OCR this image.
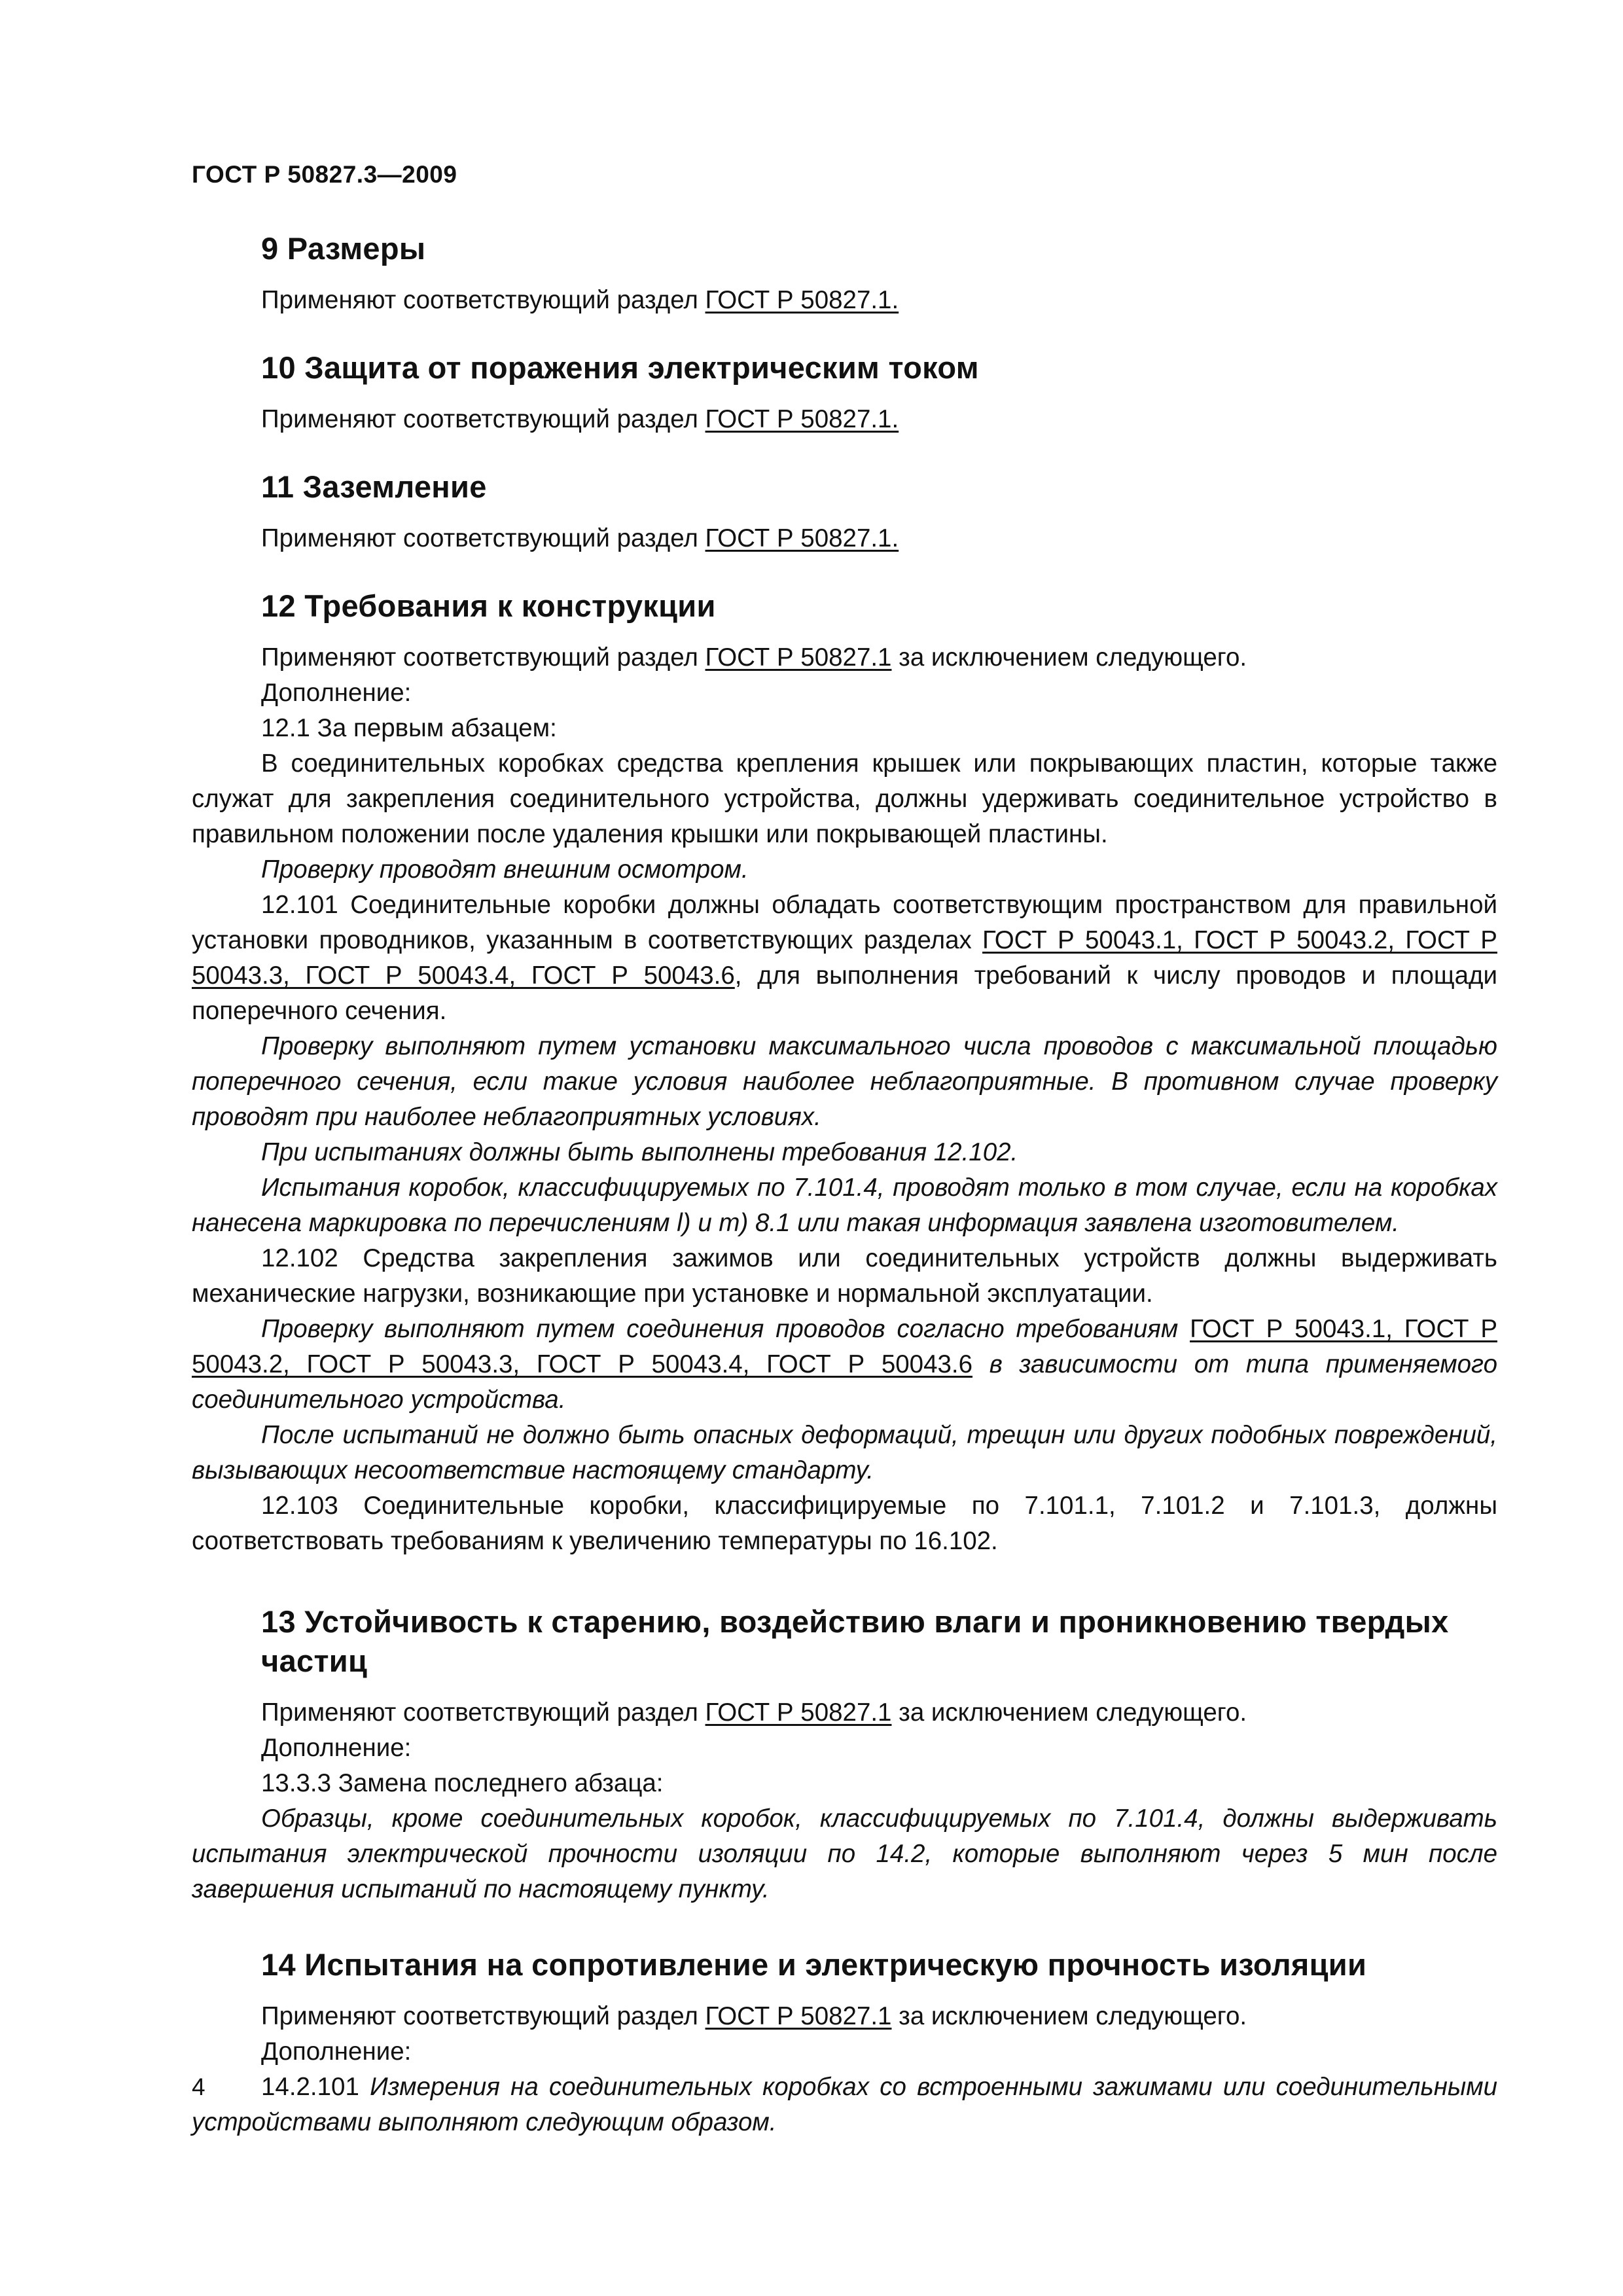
ГОСТ Р 50827.3—2009
9 Размеры

Применяют соответствующий раздел ГОСТ Р 50827.1.

10 Защита от поражения электрическим током

Применяют соответствующий раздел ГОСТ Р 50827.1.

11 Заземление

Применяют соответствующий раздел ГОСТ Р 50827.1.

12 Требования к конструкции

Применяют соответствующий раздел ГОСТ Р 50827.1 за исключением следующего.

Дополнение:

12.1 За первым абзацем:

В соединительных коробках средства крепления крышек или покрывающих пластин, которые также служат для закрепления соединительного устройства, должны удерживать соединительное устройство в правильном положении после удаления крышки или покрывающей пластины.

Проверку проводят внешним осмотром.

12.101 Соединительные коробки должны обладать соответствующим пространством для правильной установки проводников, указанным в соответствующих разделах ГОСТ Р 50043.1, ГОСТ Р 50043.2, ГОСТ Р 50043.3, ГОСТ Р 50043.4, ГОСТ Р 50043.6, для выполнения требований к числу проводов и площади поперечного сечения.

Проверку выполняют путем установки максимального числа проводов с максимальной площадью поперечного сечения, если такие условия наиболее неблагоприятные. В противном случае проверку проводят при наиболее неблагоприятных условиях.

При испытаниях должны быть выполнены требования 12.102.

Испытания коробок, классифицируемых по 7.101.4, проводят только в том случае, если на коробках нанесена маркировка по перечислениям l) и m) 8.1 или такая информация заявлена изготовителем.

12.102 Средства закрепления зажимов или соединительных устройств должны выдерживать механические нагрузки, возникающие при установке и нормальной эксплуатации.

Проверку выполняют путем соединения проводов согласно требованиям ГОСТ Р 50043.1, ГОСТ Р 50043.2, ГОСТ Р 50043.3, ГОСТ Р 50043.4, ГОСТ Р 50043.6 в зависимости от типа применяемого соединительного устройства.

После испытаний не должно быть опасных деформаций, трещин или других подобных повреждений, вызывающих несоответствие настоящему стандарту.

12.103 Соединительные коробки, классифицируемые по 7.101.1, 7.101.2 и 7.101.3, должны соответствовать требованиям к увеличению температуры по 16.102.

13 Устойчивость к старению, воздействию влаги и проникновению твердых частиц

Применяют соответствующий раздел ГОСТ Р 50827.1 за исключением следующего.

Дополнение:

13.3.3 Замена последнего абзаца:

Образцы, кроме соединительных коробок, классифицируемых по 7.101.4, должны выдерживать испытания электрической прочности изоляции по 14.2, которые выполняют через 5 мин после завершения испытаний по настоящему пункту.

14 Испытания на сопротивление и электрическую прочность изоляции

Применяют соответствующий раздел ГОСТ Р 50827.1 за исключением следующего.

Дополнение:

14.2.101 Измерения на соединительных коробках со встроенными зажимами или соединительными устройствами выполняют следующим образом.

4
